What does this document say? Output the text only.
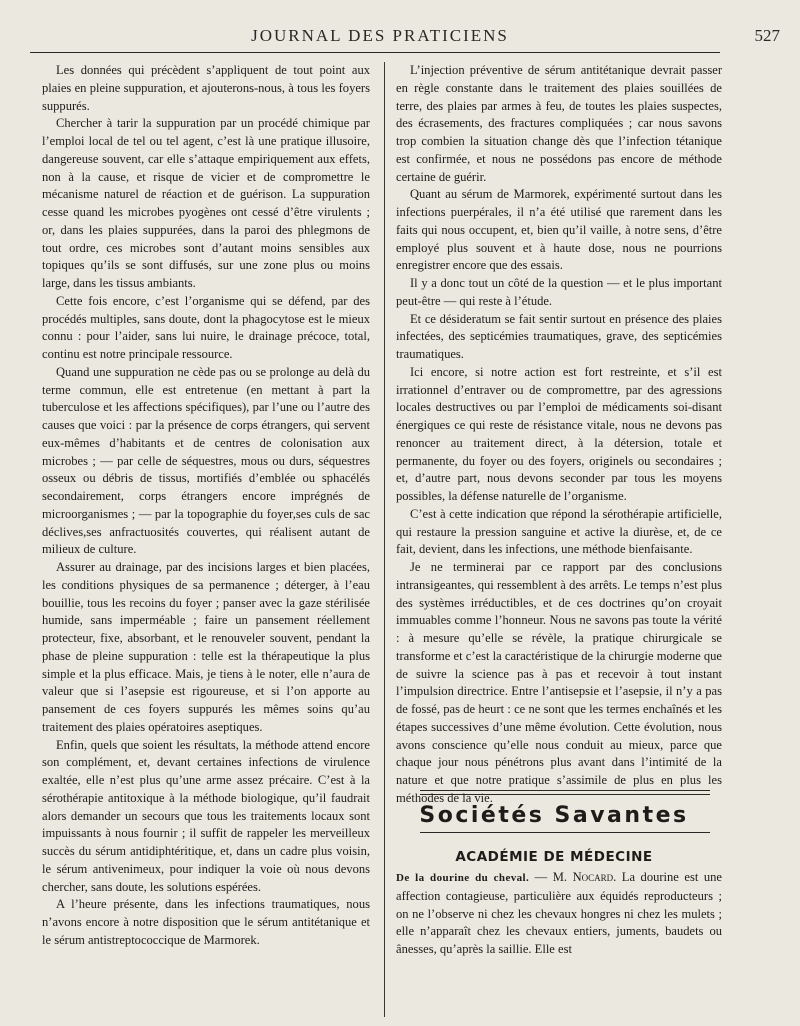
JOURNAL DES PRATICIENS	527

Les données qui précèdent s’appliquent de tout point aux plaies en pleine suppuration, et ajouterons-nous, à tous les foyers suppurés.

Chercher à tarir la suppuration par un procédé chimique par l’emploi local de tel ou tel agent, c’est là une pratique illusoire, dangereuse souvent, car elle s’attaque empiriquement aux effets, non à la cause, et risque de vicier et de compromettre le mécanisme naturel de réaction et de guérison. La suppuration cesse quand les microbes pyogènes ont cessé d’être virulents ; or, dans les plaies suppurées, dans la paroi des phlegmons de tout ordre, ces microbes sont d’autant moins sensibles aux topiques qu’ils se sont diffusés, sur une zone plus ou moins large, dans les tissus ambiants.

Cette fois encore, c’est l’organisme qui se défend, par des procédés multiples, sans doute, dont la phagocytose est le mieux connu : pour l’aider, sans lui nuire, le drainage précoce, total, continu est notre principale ressource.

Quand une suppuration ne cède pas ou se prolonge au delà du terme commun, elle est entretenue (en mettant à part la tuberculose et les affections spécifiques), par l’une ou l’autre des causes que voici : par la présence de corps étrangers, qui servent eux-mêmes d’habitants et de centres de colonisation aux microbes ; — par celle de séquestres, mous ou durs, séquestres osseux ou débris de tissus, mortifiés d’emblée ou sphacélés secondairement, corps étrangers encore imprégnés de microorganismes ; — par la topographie du foyer,ses culs de sac déclives,ses anfractuosités couvertes, qui réalisent autant de milieux de culture.

Assurer au drainage, par des incisions larges et bien placées, les conditions physiques de sa permanence ; déterger, à l’eau bouillie, tous les recoins du foyer ; panser avec la gaze stérilisée humide, sans imperméable ; faire un pansement réellement protecteur, fixe, absorbant, et le renouveler souvent, pendant la phase de pleine suppuration : telle est la thérapeutique la plus simple et la plus efficace. Mais, je tiens à le noter, elle n’aura de valeur que si l’asepsie est rigoureuse, et si l’on apporte au pansement de ces foyers suppurés les mêmes soins qu’au traitement des plaies opératoires aseptiques.

Enfin, quels que soient les résultats, la méthode attend encore son complément, et, devant certaines infections de virulence exaltée, elle n’est plus qu’une arme assez précaire. C’est à la sérothérapie antitoxique à la méthode biologique, qu’il faudrait alors demander un secours que tous les traitements locaux sont impuissants à nous fournir ; il suffit de rappeler les merveilleux succès du sérum antidiphtéritique, et, dans un cadre plus voisin, le sérum antivenimeux, pour indiquer la voie où nous devons chercher, sans doute, les solutions espérées.

A l’heure présente, dans les infections traumatiques, nous n’avons encore à notre disposition que le sérum antitétanique et le sérum antistreptococcique de Marmorek.

L’injection préventive de sérum antitétanique devrait passer en règle constante dans le traitement des plaies souillées de terre, des plaies par armes à feu, de toutes les plaies suspectes, des écrasements, des fractures compliquées ; car nous savons trop combien la situation change dès que l’infection tétanique est confirmée, et nous ne possédons pas encore de méthode certaine de guérir.

Quant au sérum de Marmorek, expérimenté surtout dans les infections puerpérales, il n’a été utilisé que rarement dans les faits qui nous occupent, et, bien qu’il vaille, à notre sens, d’être employé plus souvent et à haute dose, nous ne pourrions enregistrer encore que des essais.

Il y a donc tout un côté de la question — et le plus important peut-être — qui reste à l’étude.

Et ce désideratum se fait sentir surtout en présence des plaies infectées, des septicémies traumatiques, grave, des septicémies traumatiques.

Ici encore, si notre action est fort restreinte, et s’il est irrationnel d’entraver ou de compromettre, par des agressions locales destructives ou par l’emploi de médicaments soi-disant énergiques ce qui reste de résistance vitale, nous ne devons pas renoncer au traitement direct, à la détersion, totale et permanente, du foyer ou des foyers, originels ou secondaires ; et, d’autre part, nous devons seconder par tous les moyens possibles, la défense naturelle de l’organisme.

C’est à cette indication que répond la sérothérapie artificielle, qui restaure la pression sanguine et active la diurèse, et, de ce fait, devient, dans les infections, une méthode bienfaisante.

Je ne terminerai par ce rapport par des conclusions intransigeantes, qui ressemblent à des arrêts. Le temps n’est plus des systèmes irréductibles, et de ces doctrines qu’on croyait immuables comme l’honneur. Nous ne savons pas toute la vérité : à mesure qu’elle se révèle, la pratique chirurgicale se transforme et c’est la caractéristique de la chirurgie moderne que de suivre la science pas à pas et recevoir à tout instant l’impulsion directrice. Entre l’antisepsie et l’asepsie, il n’y a pas de fossé, pas de heurt : ce ne sont que les termes enchaînés et les étapes successives d’une même évolution. Cette évolution, nous avons conscience qu’elle nous conduit au mieux, parce que chaque jour nous pénétrons plus avant dans l’intimité de la nature et que notre pratique s’assimile de plus en plus les méthodes de la vie.

Sociétés Savantes
ACADÉMIE DE MÉDECINE
De la dourine du cheval. — M. Nocard. La dourine est une affection contagieuse, particulière aux équidés reproducteurs ; on ne l’observe ni chez les chevaux hongres ni chez les mulets ; elle n’apparaît chez les chevaux entiers, juments, baudets ou ânesses, qu’après la saillie. Elle est
